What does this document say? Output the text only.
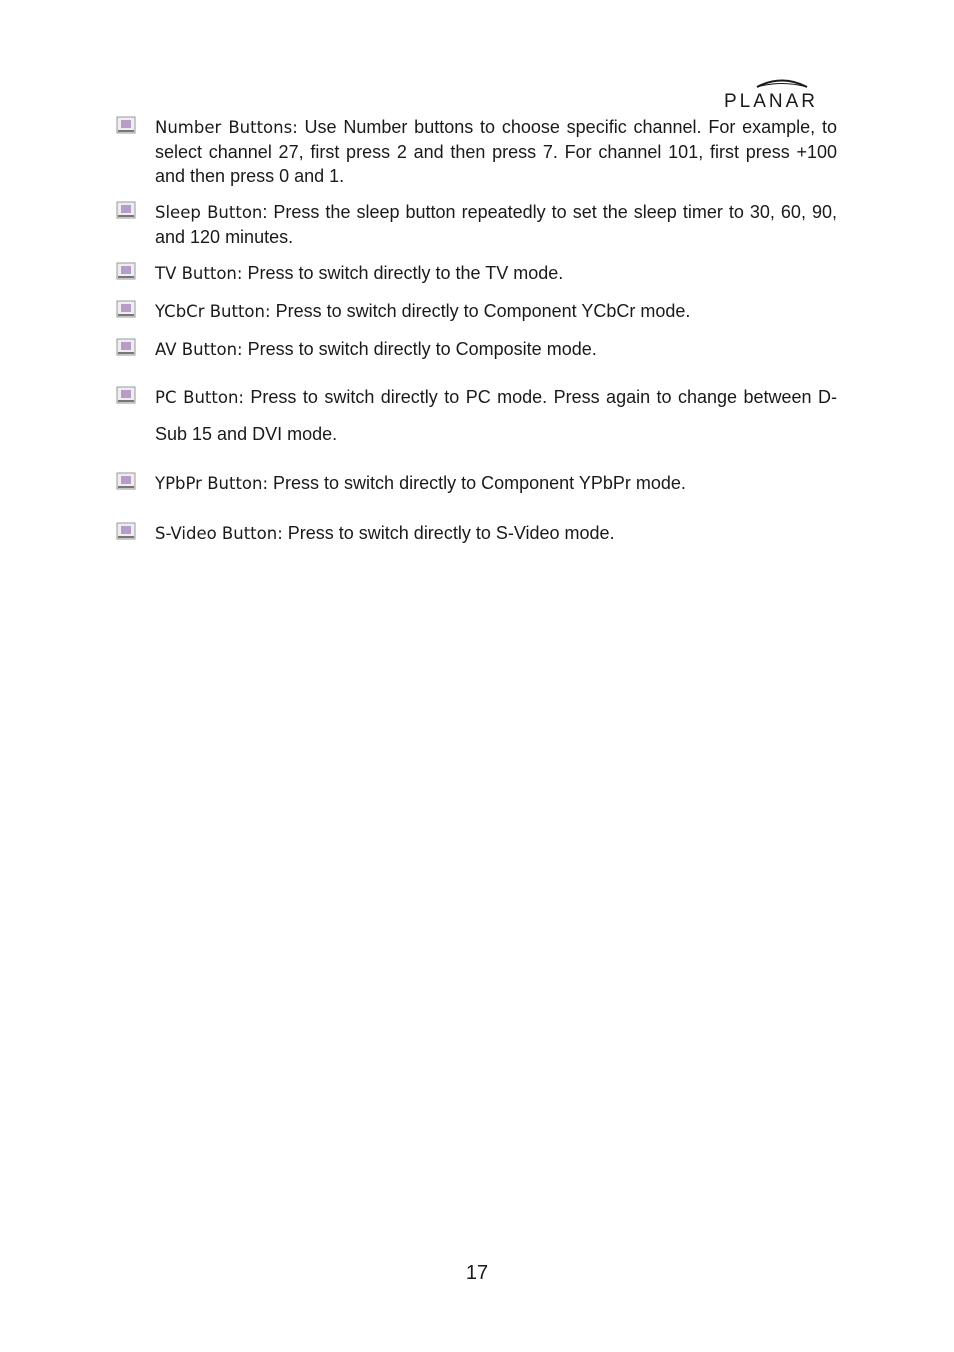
PLANAR

Number Buttons: Use Number buttons to choose specific channel. For example, to select channel 27, first press 2 and then press 7. For channel 101, first press +100 and then press 0 and 1.

Sleep Button: Press the sleep button repeatedly to set the sleep timer to 30, 60, 90, and 120 minutes.

TV Button: Press to switch directly to the TV mode.

YCbCr Button: Press to switch directly to Component YCbCr mode.

AV Button: Press to switch directly to Composite mode.

PC Button: Press to switch directly to PC mode. Press again to change between D-Sub 15 and DVI mode.

YPbPr Button: Press to switch directly to Component YPbPr mode.

S-Video Button: Press to switch directly to S-Video mode.

17
